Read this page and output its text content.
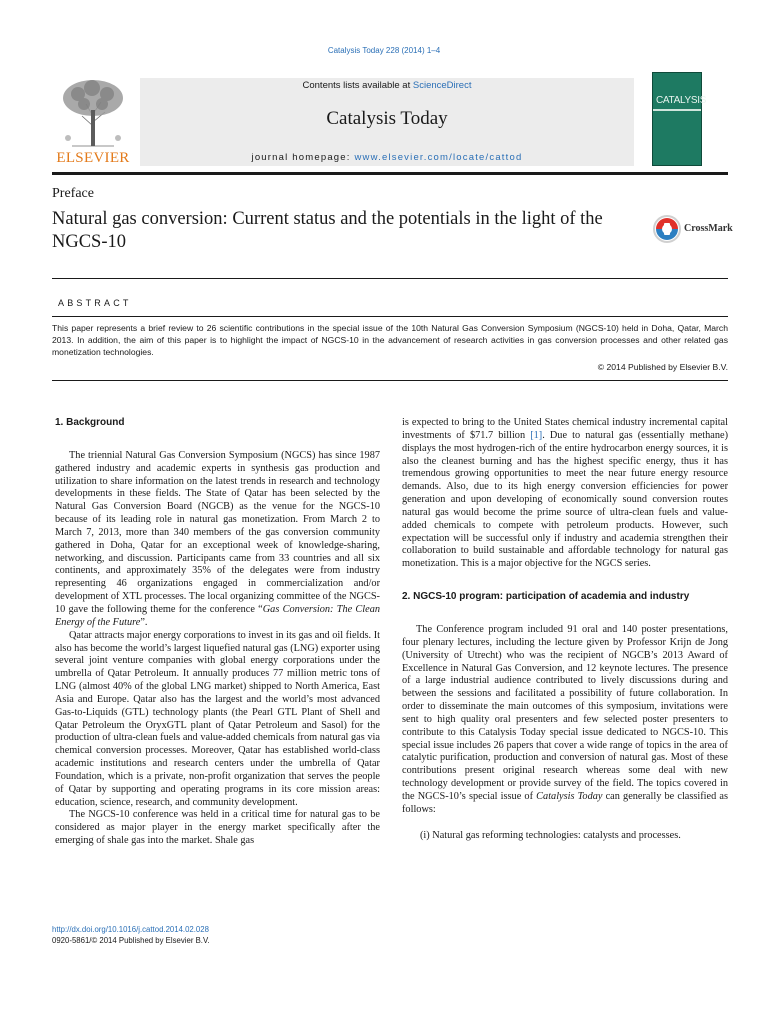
Catalysis Today 228 (2014) 1–4
ELSEVIER
Contents lists available at ScienceDirect
Catalysis Today
journal homepage: www.elsevier.com/locate/cattod
CATALYSIS
Preface
Natural gas conversion: Current status and the potentials in the light of the NGCS-10
CrossMark
ABSTRACT
This paper represents a brief review to 26 scientific contributions in the special issue of the 10th Natural Gas Conversion Symposium (NGCS-10) held in Doha, Qatar, March 2013. In addition, the aim of this paper is to highlight the impact of NGCS-10 in the advancement of research activities in gas conversion processes and other related gas monetization technologies.
© 2014 Published by Elsevier B.V.
1. Background

The triennial Natural Gas Conversion Symposium (NGCS) has since 1987 gathered industry and academic experts in synthesis gas production and utilization to share information on the latest trends in research and technology developments in these fields. The State of Qatar has been selected by the Natural Gas Conversion Board (NGCB) as the venue for the NGCS-10 because of its leading role in natural gas monetization. From March 2 to March 7, 2013, more than 340 members of the gas conversion community gathered in Doha, Qatar for an exceptional week of knowledge-sharing, networking, and discussion. Participants came from 33 countries and all six continents, and approximately 35% of the delegates were from industry representing 46 organizations engaged in commercialization and/or development of XTL processes. The local organizing committee of the NGCS-10 gave the following theme for the conference “Gas Conversion: The Clean Energy of the Future”.

Qatar attracts major energy corporations to invest in its gas and oil fields. It also has become the world’s largest liquefied natural gas (LNG) exporter using several joint venture companies with global energy corporations under the umbrella of Qatar Petroleum. It annually produces 77 million metric tons of LNG (almost 40% of the global LNG market) shipped to North America, East Asia and Europe. Qatar also has the largest and the world’s most advanced Gas-to-Liquids (GTL) technology plants (the Pearl GTL Plant of Shell and Qatar Petroleum the OryxGTL plant of Qatar Petroleum and Sasol) for the production of ultra-clean fuels and value-added chemicals from natural gas via chemical conversion processes. Moreover, Qatar has established world-class academic institutions and research centers under the umbrella of Qatar Foundation, which is a private, non-profit organization that serves the people of Qatar by supporting and operating programs in its core mission areas: education, science, research, and community development.

The NGCS-10 conference was held in a critical time for natural gas to be considered as major player in the energy market specifically after the emerging of shale gas into the market. Shale gas

is expected to bring to the United States chemical industry incremental capital investments of $71.7 billion [1]. Due to natural gas (essentially methane) displays the most hydrogen-rich of the entire hydrocarbon energy sources, it is also the cleanest burning and has the highest specific energy, thus it has tremendous growing opportunities to meet the near future energy resource demands. Also, due to its high energy conversion efficiencies for power generation and upon developing of economically sound conversion routes natural gas would become the prime source of ultra-clean fuels and value-added chemicals to compete with petroleum products. However, such expectation will be successful only if industry and academia strengthen their collaboration to build sustainable and affordable technology for natural gas monetization. This is a major objective for the NGCS series.

2. NGCS-10 program: participation of academia and industry

The Conference program included 91 oral and 140 poster presentations, four plenary lectures, including the lecture given by Professor Krijn de Jong (University of Utrecht) who was the recipient of NGCB’s 2013 Award of Excellence in Natural Gas Conversion, and 12 keynote lectures. The presence of a large industrial audience contributed to lively discussions during and between the sessions and facilitated a possibility of future collaboration. In order to disseminate the main outcomes of this symposium, invitations were sent to high quality oral presenters and few selected poster presenters to contribute to this Catalysis Today special issue dedicated to NGCS-10. This special issue includes 26 papers that cover a wide range of topics in the area of catalytic purification, production and conversion of natural gas. Most of these contributions present original research whereas some deal with new technology development or provide survey of the field. The topics covered in the NGCS-10’s special issue of Catalysis Today can generally be classified as follows:

(i) Natural gas reforming technologies: catalysts and processes.

http://dx.doi.org/10.1016/j.cattod.2014.02.028
0920-5861/© 2014 Published by Elsevier B.V.
